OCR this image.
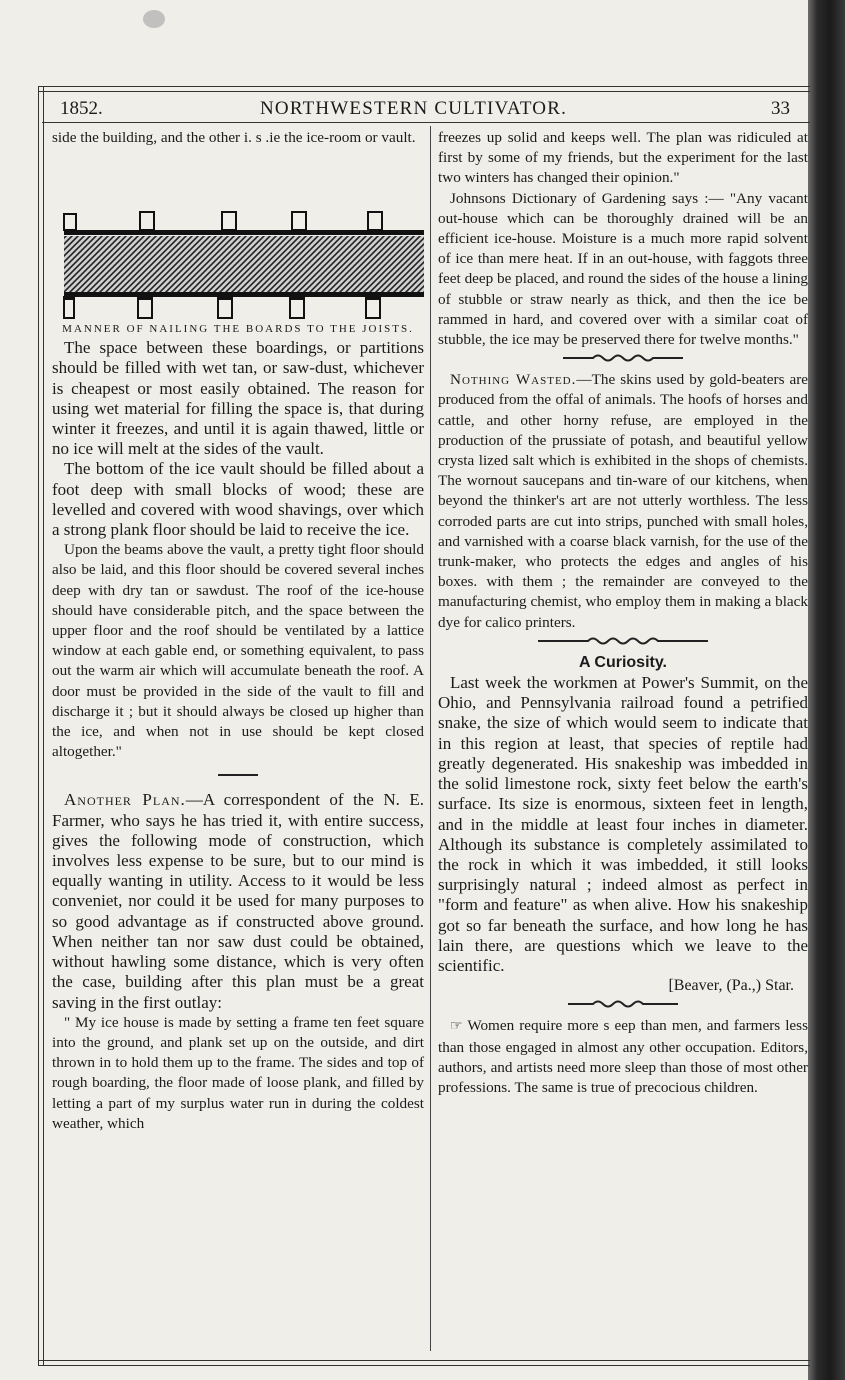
1852.	NORTHWESTERN CULTIVATOR.	33

side the building, and the other i. s .ie the ice-room or vault.

MANNER OF NAILING THE BOARDS TO THE JOISTS.

The space between these boardings, or partitions should be filled with wet tan, or saw-dust, whichever is cheapest or most easily obtained. The reason for using wet material for filling the space is, that during winter it freezes, and until it is again thawed, little or no ice will melt at the sides of the vault.

The bottom of the ice vault should be filled about a foot deep with small blocks of wood; these are levelled and covered with wood shavings, over which a strong plank floor should be laid to receive the ice.

Upon the beams above the vault, a pretty tight floor should also be laid, and this floor should be covered several inches deep with dry tan or sawdust. The roof of the ice-house should have considerable pitch, and the space between the upper floor and the roof should be ventilated by a lattice window at each gable end, or something equivalent, to pass out the warm air which will accumulate beneath the roof. A door must be provided in the side of the vault to fill and discharge it ; but it should always be closed up higher than the ice, and when not in use should be kept closed altogether."

Another Plan.—A correspondent of the N. E. Farmer, who says he has tried it, with entire success, gives the following mode of construction, which involves less expense to be sure, but to our mind is equally wanting in utility. Access to it would be less conveniet, nor could it be used for many purposes to so good advantage as if constructed above ground. When neither tan nor saw dust could be obtained, without hawling some distance, which is very often the case, building after this plan must be a great saving in the first outlay:

" My ice house is made by setting a frame ten feet square into the ground, and plank set up on the outside, and dirt thrown in to hold them up to the frame. The sides and top of rough boarding, the floor made of loose plank, and filled by letting a part of my surplus water run in during the coldest weather, which

freezes up solid and keeps well. The plan was ridiculed at first by some of my friends, but the experiment for the last two winters has changed their opinion."

Johnsons Dictionary of Gardening says :— "Any vacant out-house which can be thoroughly drained will be an efficient ice-house. Moisture is a much more rapid solvent of ice than mere heat. If in an out-house, with faggots three feet deep be placed, and round the sides of the house a lining of stubble or straw nearly as thick, and then the ice be rammed in hard, and covered over with a similar coat of stubble, the ice may be preserved there for twelve months."

Nothing Wasted.—The skins used by gold-beaters are produced from the offal of animals. The hoofs of horses and cattle, and other horny refuse, are employed in the production of the prussiate of potash, and beautiful yellow crysta lized salt which is exhibited in the shops of chemists. The wornout saucepans and tin-ware of our kitchens, when beyond the thinker's art are not utterly worthless. The less corroded parts are cut into strips, punched with small holes, and varnished with a coarse black varnish, for the use of the trunk-maker, who protects the edges and angles of his boxes. with them ; the remainder are conveyed to the manufacturing chemist, who employ them in making a black dye for calico printers.

A Curiosity.

Last week the workmen at Power's Summit, on the Ohio, and Pennsylvania railroad found a petrified snake, the size of which would seem to indicate that in this region at least, that species of reptile had greatly degenerated. His snakeship was imbedded in the solid limestone rock, sixty feet below the earth's surface. Its size is enormous, sixteen feet in length, and in the middle at least four inches in diameter. Although its substance is completely assimilated to the rock in which it was imbedded, it still looks surprisingly natural ; indeed almost as perfect in "form and feature" as when alive. How his snakeship got so far beneath the surface, and how long he has lain there, are questions which we leave to the scientific.

[Beaver, (Pa.,) Star.

☞ Women require more s eep than men, and farmers less than those engaged in almost any other occupation. Editors, authors, and artists need more sleep than those of most other professions. The same is true of precocious children.
